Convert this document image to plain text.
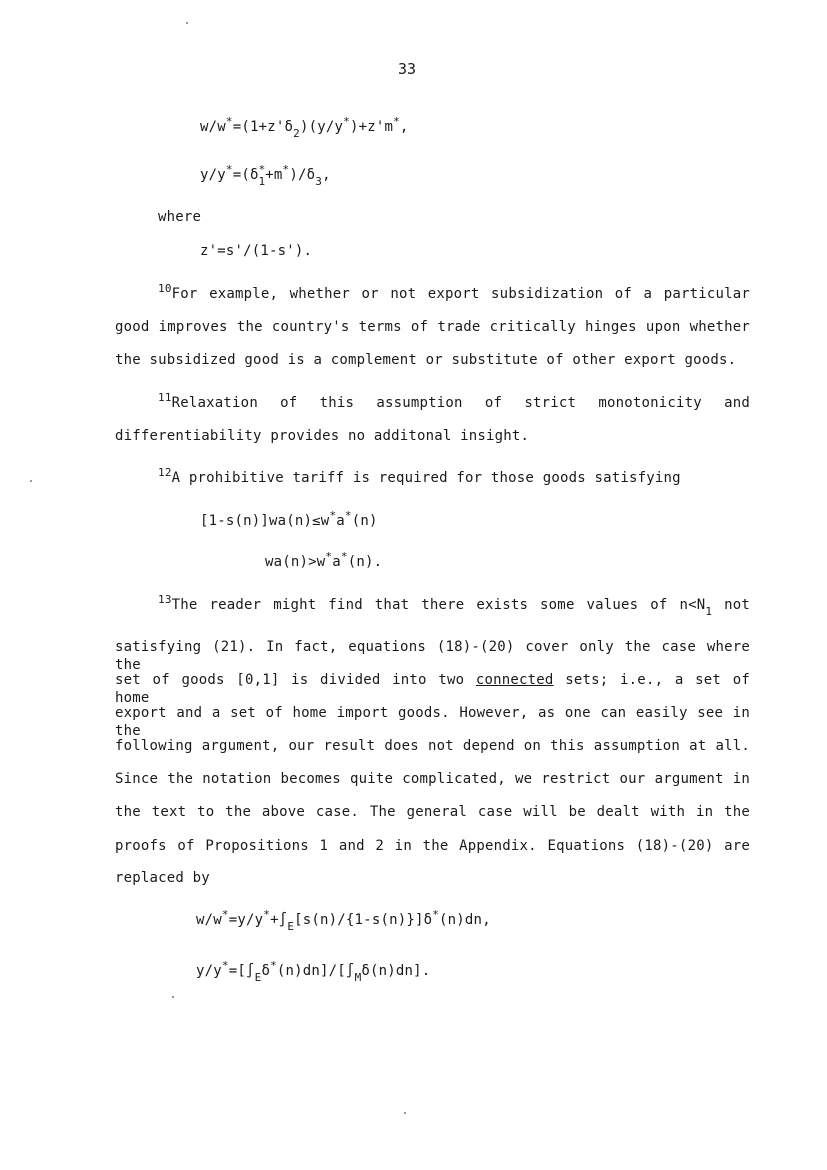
33
$w/w^*=(1+z'\delta_2)(y/y^*)+z'm^*$,
$y/y^*=(\delta^*_1+m^*)/\delta_3$,
where
z'=s'/(1-s').
$^{10}$For example, whether or not export subsidization of a particular
good improves the country's terms of trade critically hinges upon whether
the subsidized good is a complement or substitute of other export goods.
$^{11}$Relaxation of this assumption of strict monotonicity and
differentiability provides no additonal insight.
$^{12}$A prohibitive tariff is required for those goods satisfying
[1-s(n)]wa(n)≤w*a*(n)
wa(n)>w*a*(n).
$^{13}$The reader might find that there exists some values of $n<N_1$ not
satisfying (21). In fact, equations (18)-(20) cover only the case where the
set of goods [0,1] is divided into two connected sets; i.e., a set of home
export and a set of home import goods. However, as one can easily see in the
following argument, our result does not depend on this assumption at all.
Since the notation becomes quite complicated, we restrict our argument in
the text to the above case. The general case will be dealt with in the
proofs of Propositions 1 and 2 in the Appendix. Equations (18)-(20) are
replaced by
$w/w^*=y/y^*+\int_E[s(n)/\{1-s(n)\}]\delta^*(n)dn$,
$y/y^*=[\int_E\delta^*(n)dn]/[\int_M\delta(n)dn]$.
